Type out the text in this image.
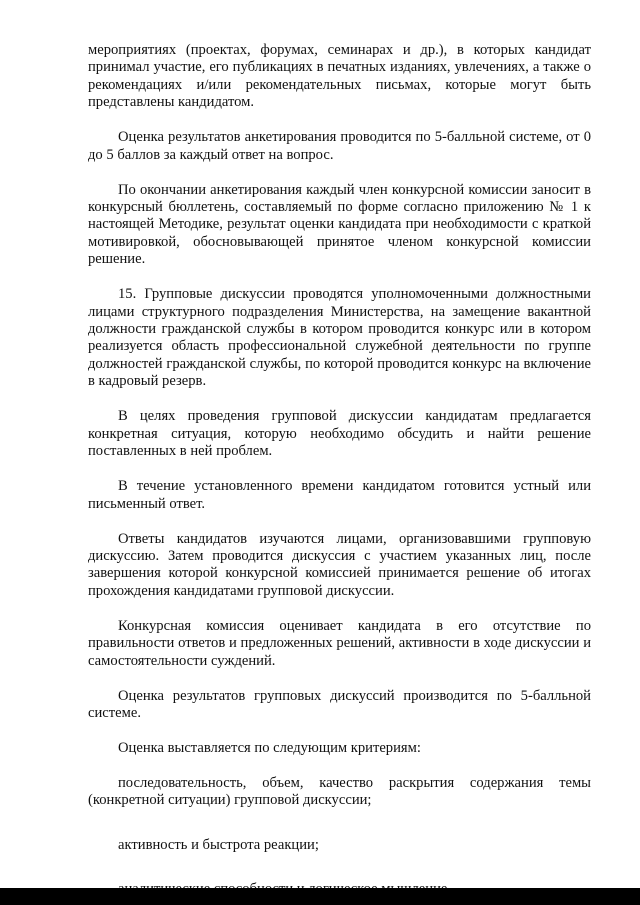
мероприятиях (проектах, форумах, семинарах и др.), в которых кандидат принимал участие, его публикациях в печатных изданиях, увлечениях, а также о рекомендациях и/или рекомендательных письмах, которые могут быть представлены кандидатом.

Оценка результатов анкетирования проводится по 5-балльной системе, от 0 до 5 баллов за каждый ответ на вопрос.

По окончании анкетирования каждый член конкурсной комиссии заносит в конкурсный бюллетень, составляемый по форме согласно приложению № 1 к настоящей Методике, результат оценки кандидата при необходимости с краткой мотивировкой, обосновывающей принятое членом конкурсной комиссии решение.

15. Групповые дискуссии проводятся уполномоченными должностными лицами структурного подразделения Министерства, на замещение вакантной должности гражданской службы в котором проводится конкурс или в котором реализуется область профессиональной служебной деятельности по группе должностей гражданской службы, по которой проводится конкурс на включение в кадровый резерв.

В целях проведения групповой дискуссии кандидатам предлагается конкретная ситуация, которую необходимо обсудить и найти решение поставленных в ней проблем.

В течение установленного времени кандидатом готовится устный или письменный ответ.

Ответы кандидатов изучаются лицами, организовавшими групповую дискуссию. Затем проводится дискуссия с участием указанных лиц, после завершения которой конкурсной комиссией принимается решение об итогах прохождения кандидатами групповой дискуссии.

Конкурсная комиссия оценивает кандидата в его отсутствие по правильности ответов и предложенных решений, активности в ходе дискуссии и самостоятельности суждений.

Оценка результатов групповых дискуссий производится по 5-балльной системе.

Оценка выставляется по следующим критериям:

последовательность, объем, качество раскрытия содержания темы (конкретной ситуации) групповой дискуссии;

активность и быстрота реакции;
